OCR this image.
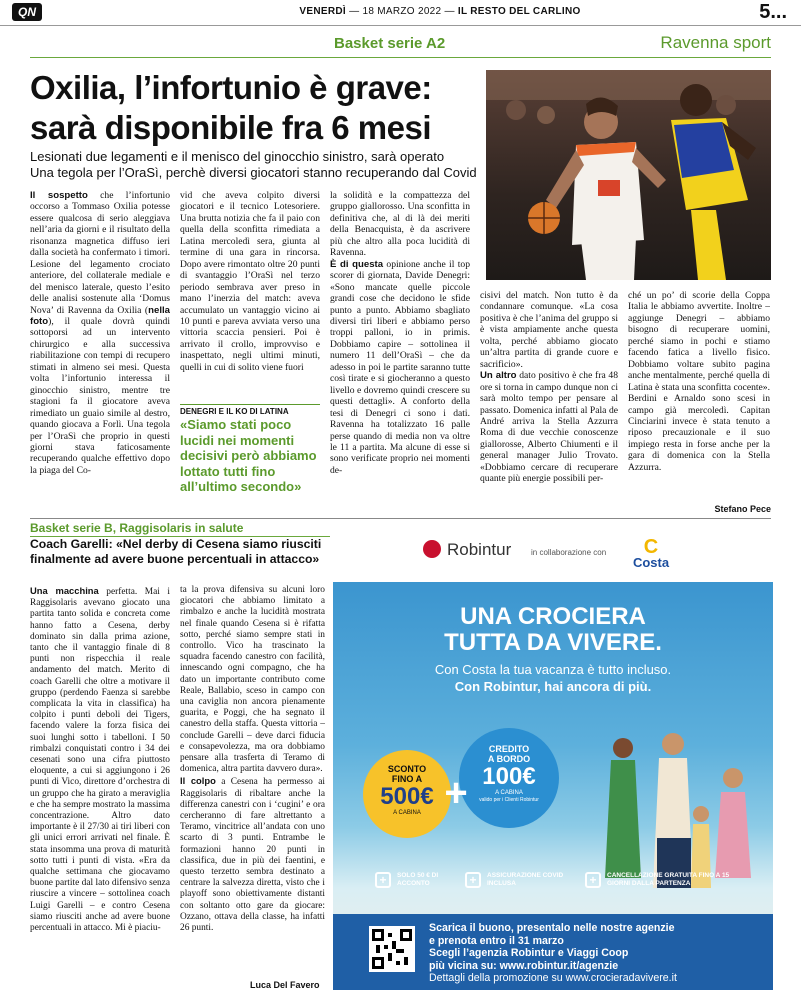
QN	VENERDÌ — 18 MARZO 2022 — IL RESTO DEL CARLINO	5...
Basket serie A2	Ravenna sport
Oxilia, l’infortunio è grave:
sarà disponibile fra 6 mesi
Lesionati due legamenti e il menisco del ginocchio sinistro, sarà operato
Una tegola per l’OraSì, perchè diversi giocatori stanno recuperando dal Covid

Il sospetto che l’infortunio occorso a Tommaso Oxilia potesse essere qualcosa di serio aleggiava nell’aria da giorni e il risultato della risonanza magnetica diffuso ieri dalla società ha confermato i timori. Lesione del legamento crociato anteriore, del collaterale mediale e del menisco laterale, questo l’esito delle analisi sostenute alla ‘Domus Nova’ di Ravenna da Oxilia (nella foto), il quale dovrà quindi sottoporsi ad un intervento chirurgico e alla successiva riabilitazione con tempi di recupero stimati in almeno sei mesi. Questa volta l’infortunio interessa il ginocchio sinistro, mentre tre stagioni fa il giocatore aveva rimediato un guaio simile al destro, quando giocava a Forlì. Una tegola per l’OraSì che proprio in questi giorni stava faticosamente recuperando qualche effettivo dopo la piaga del Co-

vid che aveva colpito diversi giocatori e il tecnico Lotesoriere. Una brutta notizia che fa il paio con quella della sconfitta rimediata a Latina mercoledì sera, giunta al termine di una gara in rincorsa. Dopo avere rimontato oltre 20 punti di svantaggio l’OraSì nel terzo periodo sembrava aver preso in mano l’inerzia del match: aveva accumulato un vantaggio vicino ai 10 punti e pareva avviata verso una vittoria scaccia pensieri. Poi è arrivato il crollo, improvviso e inaspettato, negli ultimi minuti, quelli in cui di solito viene fuori

DENEGRI E IL KO DI LATINA
«Siamo stati poco lucidi nei momenti decisivi però abbiamo lottato tutti fino all’ultimo secondo»

la solidità e la compattezza del gruppo giallorosso. Una sconfitta in definitiva che, al di là dei meriti della Benacquista, è da ascrivere più che altro alla poca lucidità di Ravenna.
È di questa opinione anche il top scorer di giornata, Davide Denegri: «Sono mancate quelle piccole grandi cose che decidono le sfide punto a punto. Abbiamo sbagliato diversi tiri liberi e abbiamo perso troppi palloni, io in primis. Dobbiamo capire – sottolinea il numero 11 dell’OraSì – che da adesso in poi le partite saranno tutte così tirate e si giocheranno a questo livello e dovremo quindi crescere su questi dettagli». A conforto della tesi di Denegri ci sono i dati. Ravenna ha totalizzato 16 palle perse quando di media non va oltre le 11 a partita. Ma alcune di esse si sono verificate proprio nei momenti de-

cisivi del match. Non tutto è da condannare comunque. «La cosa positiva è che l’anima del gruppo si è vista ampiamente anche questa volta, perché abbiamo giocato un’altra partita di grande cuore e sacrificio».
Un altro dato positivo è che fra 48 ore si torna in campo dunque non ci sarà molto tempo per pensare al passato. Domenica infatti al Pala de André arriva la Stella Azzurra Roma di due vecchie conoscenze giallorosse, Alberto Chiumenti e il general manager Julio Trovato. «Dobbiamo cercare di recuperare quante più energie possibili per-

ché un po’ di scorie della Coppa Italia le abbiamo avvertite. Inoltre – aggiunge Denegri – abbiamo bisogno di recuperare uomini, perché siamo in pochi e stiamo facendo fatica a livello fisico. Dobbiamo voltare subito pagina anche mentalmente, perché quella di Latina è stata una sconfitta cocente». Berdini e Arnaldo sono scesi in campo già mercoledì. Capitan Cinciarini invece è stata tenuto a riposo precauzionale e il suo impiego resta in forse anche per la gara di domenica con la Stella Azzurra.

Stefano Pece
Basket serie B, Raggisolaris in salute
Coach Garelli: «Nel derby di Cesena siamo riusciti
finalmente ad avere buone percentuali in attacco»

Una macchina perfetta. Mai i Raggisolaris avevano giocato una partita tanto solida e concreta come hanno fatto a Cesena, derby dominato sin dalla prima azione, tanto che il vantaggio finale di 8 punti non rispecchia il reale andamento del match. Merito di coach Garelli che oltre a motivare il gruppo (perdendo Faenza si sarebbe complicata la vita in classifica) ha colpito i punti deboli dei Tigers, facendo valere la forza fisica dei suoi lunghi sotto i tabelloni. I 50 rimbalzi conquistati contro i 34 dei cesenati sono una cifra piuttosto eloquente, a cui si aggiungono i 26 punti di Vico, direttore d’orchestra di un gruppo che ha girato a meraviglia e che ha sempre mostrato la massima concentrazione. Altro dato importante è il 27/30 ai tiri liberi con gli unici errori arrivati nel finale. È stata insomma una prova di maturità sotto tutti i punti di vista. «Era da qualche settimana che giocavamo buone partite dal lato difensivo senza riuscire a vincere – sottolinea coach Luigi Garelli – e contro Cesena siamo riusciti anche ad avere buone percentuali in attacco. Mi è piaciu-

ta la prova difensiva su alcuni loro giocatori che abbiamo limitato a rimbalzo e anche la lucidità mostrata nel finale quando Cesena si è rifatta sotto, perché siamo sempre stati in controllo. Vico ha trascinato la squadra facendo canestro con facilità, innescando ogni compagno, che ha dato un importante contributo come Reale, Ballabio, sceso in campo con una caviglia non ancora pienamente guarita, e Poggi, che ha segnato il canestro della staffa. Questa vittoria – conclude Garelli – deve darci fiducia e consapevolezza, ma ora dobbiamo pensare alla trasferta di Teramo di domenica, altra partita davvero dura».
Il colpo a Cesena ha permesso ai Raggisolaris di ribaltare anche la differenza canestri con i ‘cugini’ e ora cercheranno di fare altrettanto a Teramo, vincitrice all’andata con uno scarto di 3 punti. Entrambe le formazioni hanno 20 punti in classifica, due in più dei faentini, e questo terzetto sembra destinato a centrare la salvezza diretta, visto che i playoff sono obiettivamente distanti con soltanto otto gare da giocare: Ozzano, ottava della classe, ha infatti 26 punti.

Luca Del Favero
Robintur in collaborazione con	C
Costa
UNA CROCIERA
TUTTA DA VIVERE.
Con Costa la tua vacanza è tutto incluso.
Con Robintur, hai ancora di più.
SCONTO
FINO A
500€
A CABINA
CREDITO
A BORDO
100€
A CABINA
valido per i Clienti Robintur
+
+	SOLO 50 € DI ACCONTO	+	ASSICURAZIONE COVID INCLUSA	+	CANCELLAZIONE GRATUITA FINO A 15 GIORNI DALLA PARTENZA
Scarica il buono, presentalo nelle nostre agenzie
e prenota entro il 31 marzo
Scegli l’agenzia Robintur e Viaggi Coop
più vicina su: www.robintur.it/agenzie
Dettagli della promozione su www.crocieradavivere.it
